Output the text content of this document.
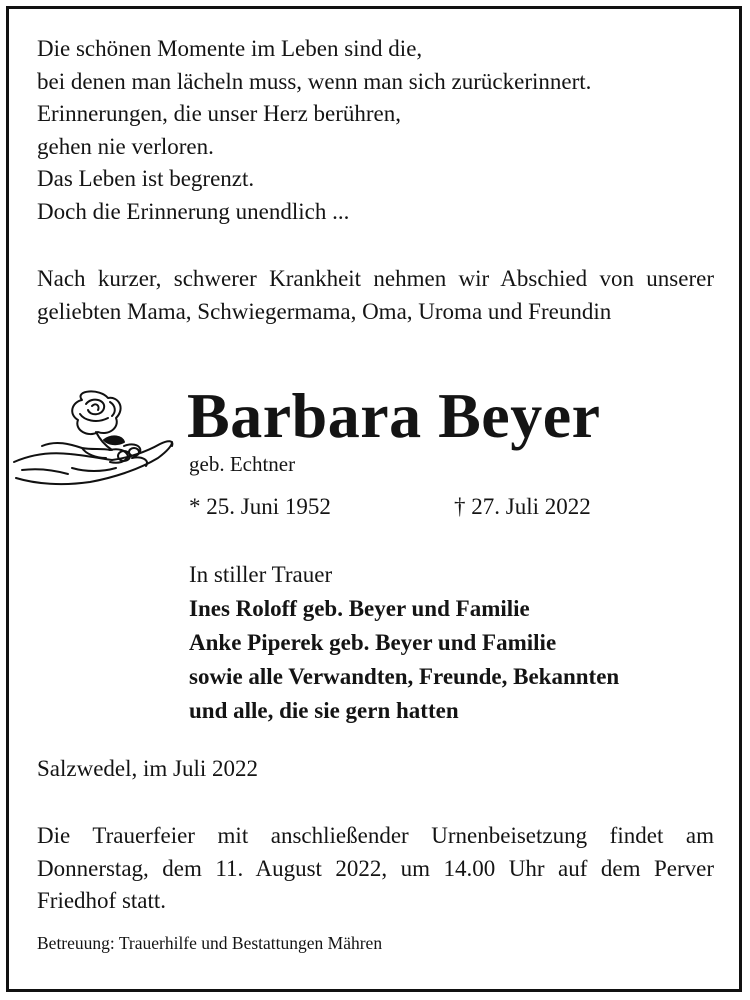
Die schönen Momente im Leben sind die,
bei denen man lächeln muss, wenn man sich zurückerinnert.
Erinnerungen, die unser Herz berühren,
gehen nie verloren.
Das Leben ist begrenzt.
Doch die Erinnerung unendlich ...
Nach kurzer, schwerer Krankheit nehmen wir Abschied von unserer geliebten Mama, Schwiegermama, Oma, Uroma und Freundin
Barbara Beyer
geb. Echtner
* 25. Juni 1952	† 27. Juli 2022
In stiller Trauer
Ines Roloff geb. Beyer und Familie
Anke Piperek geb. Beyer und Familie
sowie alle Verwandten, Freunde, Bekannten
und alle, die sie gern hatten
Salzwedel, im Juli 2022
Die Trauerfeier mit anschließender Urnenbeisetzung findet am Donnerstag, dem 11. August 2022, um 14.00 Uhr auf dem Perver Friedhof statt.
Betreuung: Trauerhilfe und Bestattungen Mähren
